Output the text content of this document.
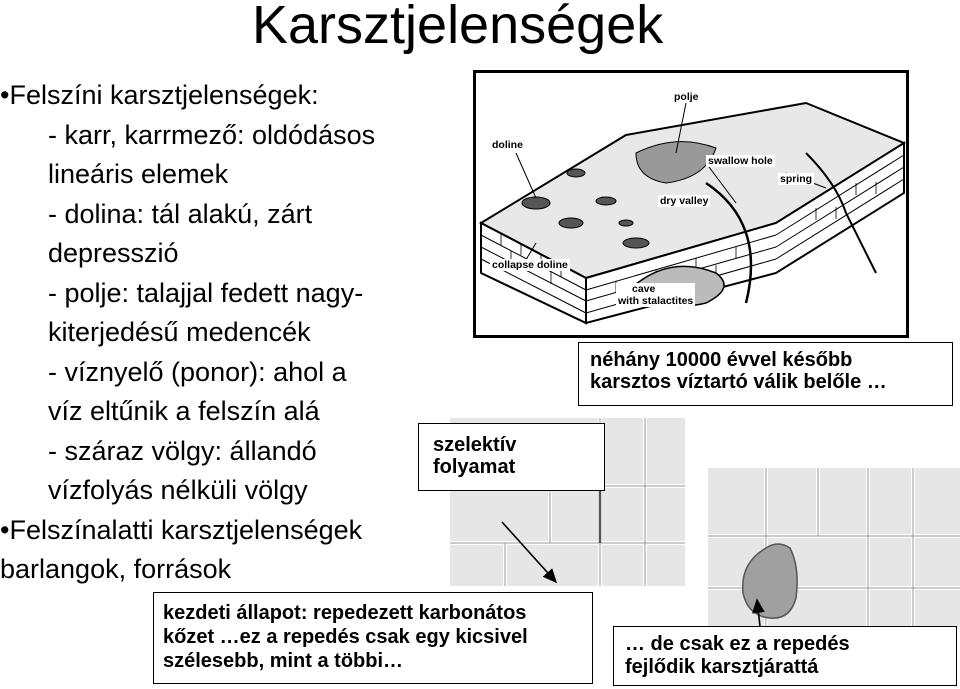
Karsztjelenségek
•Felszíni karsztjelenségek:
- karr, karrmező: oldódásos
lineáris elemek
- dolina: tál alakú, zárt
depresszió
- polje: talajjal fedett nagy-
kiterjedésű medencék
- víznyelő (ponor): ahol a
víz eltűnik a felszín alá
- száraz völgy: állandó
vízfolyás nélküli völgy
•Felszínalatti karsztjelenségek
barlangok, források
polje
doline
swallow hole
spring
dry valley
collapse doline
cave
with stalactites
néhány 10000 évvel később
karsztos víztartó válik belőle …
szelektív
folyamat
kezdeti állapot: repedezett karbonátos
kőzet …ez a repedés csak egy kicsivel
szélesebb, mint a többi…
… de csak ez a repedés
fejlődik karsztjárattá
